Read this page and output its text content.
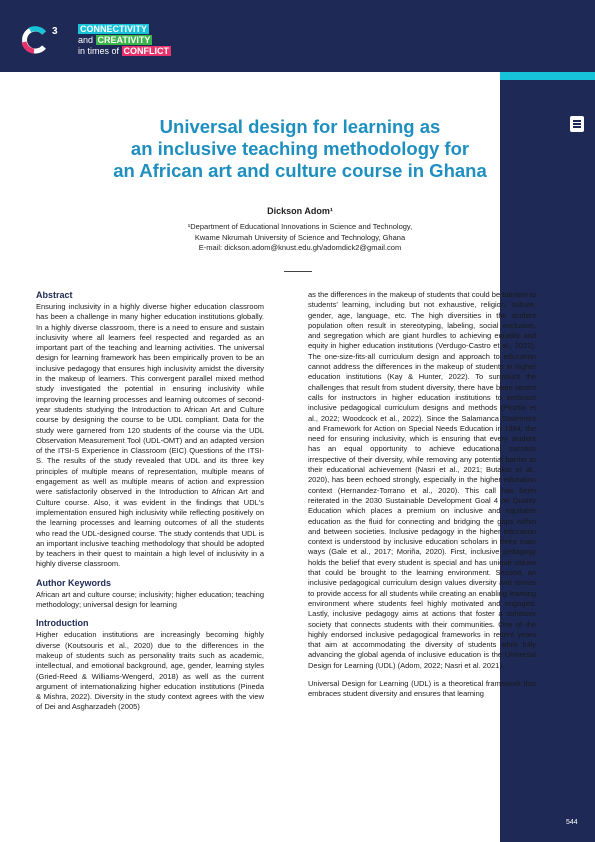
544
3 CONNECTIVITY
and CREATIVITY
in times of CONFLICT
Universal design for learning as
an inclusive teaching methodology for
an African art and culture course in Ghana
Dickson Adom¹
¹Department of Educational Innovations in Science and Technology,
Kwame Nkrumah University of Science and Technology, Ghana
E-mail: dickson.adom@knust.edu.gh/adomdick2@gmail.com
Abstract

Ensuring inclusivity in a highly diverse higher education classroom has been a challenge in many higher education institutions globally. In a highly diverse classroom, there is a need to ensure and sustain inclusivity where all learners feel respected and regarded as an important part of the teaching and learning activities. The universal design for learning framework has been empirically proven to be an inclusive pedagogy that ensures high inclusivity amidst the diversity in the makeup of learners. This convergent parallel mixed method study investigated the potential in ensuring inclusivity while improving the learning processes and learning outcomes of second-year students studying the Introduction to African Art and Culture course by designing the course to be UDL compliant. Data for the study were garnered from 120 students of the course via the UDL Observation Measurement Tool (UDL-OMT) and an adapted version of the ITSI-S Experience in Classroom (EIC) Questions of the ITSI-S. The results of the study revealed that UDL and its three key principles of multiple means of representation, multiple means of engagement as well as multiple means of action and expression were satisfactorily observed in the Introduction to African Art and Culture course. Also, it was evident in the findings that UDL's implementation ensured high inclusivity while reflecting positively on the learning processes and learning outcomes of all the students who read the UDL-designed course. The study contends that UDL is an important inclusive teaching methodology that should be adopted by teachers in their quest to maintain a high level of inclusivity in a highly diverse classroom.

Author Keywords

African art and culture course; inclusivity; higher education; teaching methodology; universal design for learning

Introduction

Higher education institutions are increasingly becoming highly diverse (Koutsouris et al., 2020) due to the differences in the makeup of students such as personality traits such as academic, intellectual, and emotional background, age, gender, learning styles (Gried-Reed & Williams-Wengerd, 2018) as well as the current argument of internationalizing higher education institutions (Pineda & Mishra, 2022). Diversity in the study context agrees with the view of Dei and Asgharzadeh (2005)

as the differences in the makeup of students that could be barriers to students' learning, including but not exhaustive, religion, culture, gender, age, language, etc. The high diversities in the student population often result in stereotyping, labeling, social exclusion, and segregation which are giant hurdles to achieving equality and equity in higher education institutions (Verdugo-Castro et al., 2022). The one-size-fits-all curriculum design and approach to education cannot address the differences in the makeup of students in higher education institutions (Kay & Hunter, 2022). To surmount the challenges that result from student diversity, there have been recent calls for instructors in higher education institutions to embrace inclusive pedagogical curriculum designs and methods (Pirchio et al., 2022; Woodcock et al., 2022). Since the Salamanca Statement and Framework for Action on Special Needs Education in 1994, the need for ensuring inclusivity, which is ensuring that every student has an equal opportunity to achieve educational success irrespective of their diversity, while removing any potential barrier to their educational achievement (Nasri et al., 2021; Butakor et al., 2020), has been echoed strongly, especially in the higher education context (Hernandez-Torrano et al., 2020). This call has been reiterated in the 2030 Sustainable Development Goal 4 on Quality Education which places a premium on inclusive and equitable education as the fluid for connecting and bridging the gaps within and between societies. Inclusive pedagogy in the higher education context is understood by inclusive education scholars in three main ways (Gale et al., 2017; Moriña, 2020). First, inclusive pedagogy holds the belief that every student is special and has unique values that could be brought to the learning environment. Second, an inclusive pedagogical curriculum design values diversity and strives to provide access for all students while creating an enabling learning environment where students feel highly motivated and engaged. Lastly, inclusive pedagogy aims at actions that foster a cohesive society that connects students with their communities. One of the highly endorsed inclusive pedagogical frameworks in recent years that aim at accommodating the diversity of students while fully advancing the global agenda of inclusive education is the Universal Design for Learning (UDL) (Adom, 2022; Nasri et al. 2021).

Universal Design for Learning (UDL) is a theoretical framework that embraces student diversity and ensures that learning
